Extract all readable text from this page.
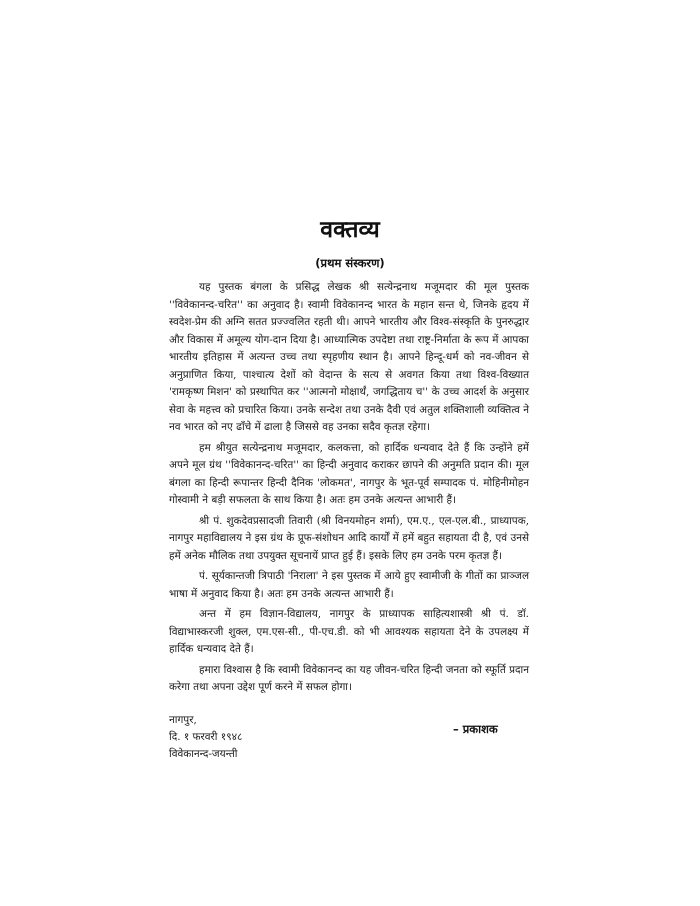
वक्तव्य
(प्रथम संस्करण)

यह पुस्तक बंगला के प्रसिद्ध लेखक श्री सत्येन्द्रनाथ मजूमदार की मूल पुस्तक ''विवेकानन्द-चरित'' का अनुवाद है। स्वामी विवेकानन्द भारत के महान सन्त थे, जिनके हृदय में स्वदेश-प्रेम की अग्नि सतत प्रज्ज्वलित रहती थी। आपने भारतीय और विश्व-संस्कृति के पुनरुद्धार और विकास में अमूल्य योग-दान दिया है। आध्यात्मिक उपदेष्टा तथा राष्ट्र-निर्माता के रूप में आपका भारतीय इतिहास में अत्यन्त उच्च तथा स्पृहणीय स्थान है। आपने हिन्दू-धर्म को नव-जीवन से अनुप्राणित किया, पाश्चात्य देशों को वेदान्त के सत्य से अवगत किया तथा विश्व-विख्यात 'रामकृष्ण मिशन' को प्रस्थापित कर ''आत्मनो मोक्षार्थं, जगद्धिताय च'' के उच्च आदर्श के अनुसार सेवा के महत्त्व को प्रचारित किया। उनके सन्देश तथा उनके दैवी एवं अतुल शक्तिशाली व्यक्तित्व ने नव भारत को नए ढाँचे में ढाला है जिससे वह उनका सदैव कृतज्ञ रहेगा।

हम श्रीयुत सत्येन्द्रनाथ मजूमदार, कलकत्ता, को हार्दिक धन्यवाद देते हैं कि उन्होंने हमें अपने मूल ग्रंथ ''विवेकानन्द-चरित'' का हिन्दी अनुवाद कराकर छापने की अनुमति प्रदान की। मूल बंगला का हिन्दी रूपान्तर हिन्दी दैनिक 'लोकमत', नागपुर के भूत-पूर्व सम्पादक पं. मोहिनीमोहन गोस्वामी ने बड़ी सफलता के साथ किया है। अतः हम उनके अत्यन्त आभारी हैं।

श्री पं. शुकदेवप्रसादजी तिवारी (श्री विनयमोहन शर्मा), एम.ए., एल-एल.बी., प्राध्यापक, नागपुर महाविद्यालय ने इस ग्रंथ के प्रूफ-संशोधन आदि कार्यों में हमें बहुत सहायता दी है, एवं उनसे हमें अनेक मौलिक तथा उपयुक्त सूचनायें प्राप्त हुई हैं। इसके लिए हम उनके परम कृतज्ञ हैं।

पं. सूर्यकान्तजी त्रिपाठी 'निराला' ने इस पुस्तक में आये हुए स्वामीजी के गीतों का प्राञ्जल भाषा में अनुवाद किया है। अतः हम उनके अत्यन्त आभारी हैं।

अन्त में हम विज्ञान-विद्यालय, नागपुर के प्राध्यापक साहित्यशास्त्री श्री पं. डॉ. विद्याभास्करजी शुक्ल, एम.एस-सी., पी-एच.डी. को भी आवश्यक सहायता देने के उपलक्ष्य में हार्दिक धन्यवाद देते हैं।

हमारा विश्वास है कि स्वामी विवेकानन्द का यह जीवन-चरित हिन्दी जनता को स्फूर्ति प्रदान करेगा तथा अपना उद्देश पूर्ण करने में सफल होगा।

नागपुर,
दि. १ फरवरी १९४८
विवेकानन्द-जयन्ती
– प्रकाशक
